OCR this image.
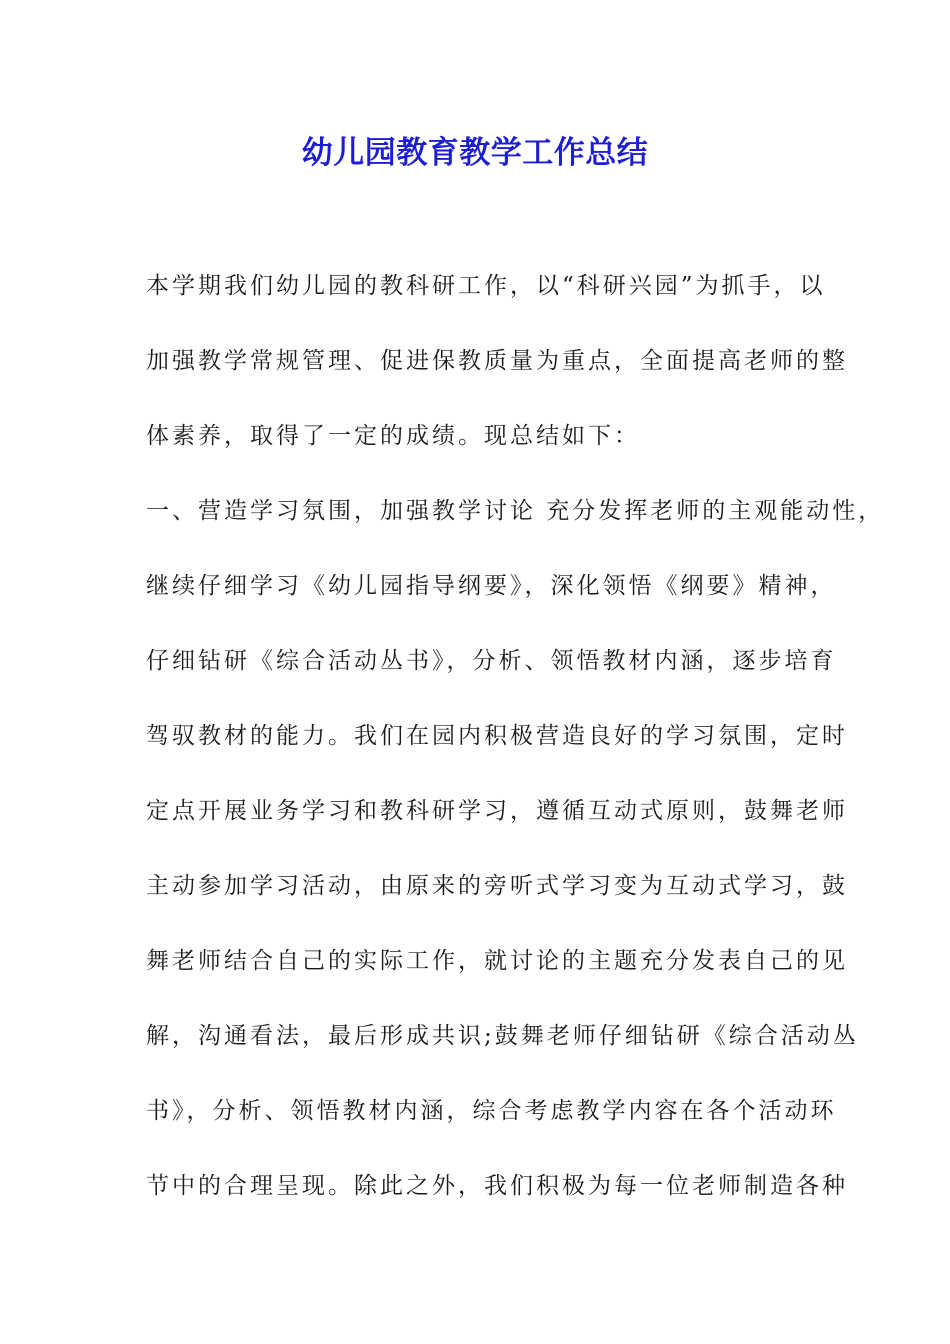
幼儿园教育教学工作总结
本学期我们幼儿园的教科研工作，以“科研兴园”为抓手，以
加强教学常规管理、促进保教质量为重点，全面提高老师的整
体素养，取得了一定的成绩。现总结如下：
一、营造学习氛围，加强教学讨论 充分发挥老师的主观能动性，
继续仔细学习《幼儿园指导纲要》，深化领悟《纲要》精神，
仔细钻研《综合活动丛书》，分析、领悟教材内涵，逐步培育
驾驭教材的能力。我们在园内积极营造良好的学习氛围，定时
定点开展业务学习和教科研学习，遵循互动式原则，鼓舞老师
主动参加学习活动，由原来的旁听式学习变为互动式学习，鼓
舞老师结合自己的实际工作，就讨论的主题充分发表自己的见
解，沟通看法，最后形成共识;鼓舞老师仔细钻研《综合活动丛
书》，分析、领悟教材内涵，综合考虑教学内容在各个活动环
节中的合理呈现。除此之外，我们积极为每一位老师制造各种
